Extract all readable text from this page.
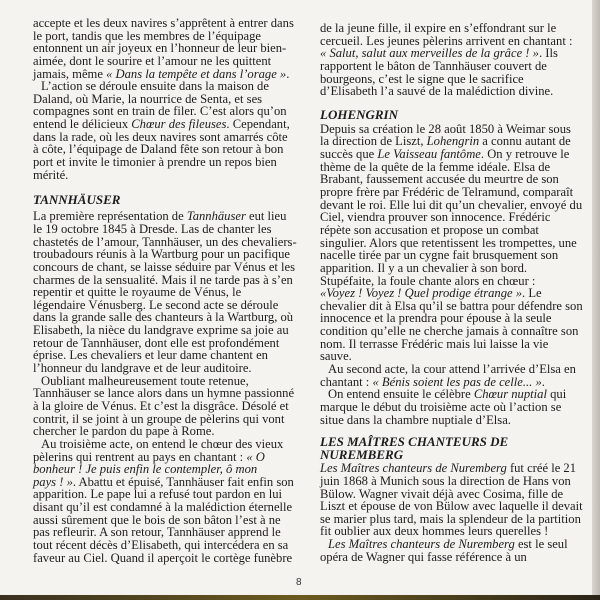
accepte et les deux navires s’apprêtent à entrer dans
le port, tandis que les membres de l’équipage
entonnent un air joyeux en l’honneur de leur bien-
aimée, dont le sourire et l’amour ne les quittent
jamais, même « Dans la tempête et dans l’orage ».
L’action se déroule ensuite dans la maison de
Daland, où Marie, la nourrice de Senta, et ses
compagnes sont en train de filer. C’est alors qu’on
entend le délicieux Chœur des fileuses. Cependant,
dans la rade, où les deux navires sont amarrés côte
à côte, l’équipage de Daland fête son retour à bon
port et invite le timonier à prendre un repos bien
mérité.
TANNHÄUSER
La première représentation de Tannhäuser eut lieu
le 19 octobre 1845 à Dresde. Las de chanter les
chastetés de l’amour, Tannhäuser, un des chevaliers-
troubadours réunis à la Wartburg pour un pacifique
concours de chant, se laisse séduire par Vénus et les
charmes de la sensualité. Mais il ne tarde pas à s’en
repentir et quitte le royaume de Vénus, le
légendaire Vénusberg. Le second acte se déroule
dans la grande salle des chanteurs à la Wartburg, où
Elisabeth, la nièce du landgrave exprime sa joie au
retour de Tannhäuser, dont elle est profondément
éprise. Les chevaliers et leur dame chantent en
l’honneur du landgrave et de leur auditoire.
Oubliant malheureusement toute retenue,
Tannhäuser se lance alors dans un hymne passionné
à la gloire de Vénus. Et c’est la disgrâce. Désolé et
contrit, il se joint à un groupe de pèlerins qui vont
chercher le pardon du pape à Rome.
Au troisième acte, on entend le chœur des vieux
pèlerins qui rentrent au pays en chantant : « O
bonheur ! Je puis enfin le contempler, ô mon
pays ! ». Abattu et épuisé, Tannhäuser fait enfin son
apparition. Le pape lui a refusé tout pardon en lui
disant qu’il est condamné à la malédiction éternelle
aussi sûrement que le bois de son bâton l’est à ne
pas refleurir. A son retour, Tannhäuser apprend le
tout récent décès d’Elisabeth, qui intercédera en sa
faveur au Ciel. Quand il aperçoit le cortège funèbre
de la jeune fille, il expire en s’effondrant sur le
cercueil. Les jeunes pèlerins arrivent en chantant :
« Salut, salut aux merveilles de la grâce ! ». Ils
rapportent le bâton de Tannhäuser couvert de
bourgeons, c’est le signe que le sacrifice
d’Elisabeth l’a sauvé de la malédiction divine.
LOHENGRIN
Depuis sa création le 28 août 1850 à Weimar sous
la direction de Liszt, Lohengrin a connu autant de
succès que Le Vaisseau fantôme. On y retrouve le
thème de la quête de la femme idéale. Elsa de
Brabant, faussement accusée du meurtre de son
propre frère par Frédéric de Telramund, comparaît
devant le roi. Elle lui dit qu’un chevalier, envoyé du
Ciel, viendra prouver son innocence. Frédéric
répète son accusation et propose un combat
singulier. Alors que retentissent les trompettes, une
nacelle tirée par un cygne fait brusquement son
apparition. Il y a un chevalier à son bord.
Stupéfaite, la foule chante alors en chœur :
«Voyez ! Voyez ! Quel prodige étrange ». Le
chevalier dit à Elsa qu’il se battra pour défendre son
innocence et la prendra pour épouse à la seule
condition qu’elle ne cherche jamais à connaître son
nom. Il terrasse Frédéric mais lui laisse la vie
sauve.
Au second acte, la cour attend l’arrivée d’Elsa en
chantant : « Bénis soient les pas de celle... ».
On entend ensuite le célèbre Chœur nuptial qui
marque le début du troisième acte où l’action se
situe dans la chambre nuptiale d’Elsa.
LES MAÎTRES CHANTEURS DE
NUREMBERG
Les Maîtres chanteurs de Nuremberg fut créé le 21
juin 1868 à Munich sous la direction de Hans von
Bülow. Wagner vivait déjà avec Cosima, fille de
Liszt et épouse de von Bülow avec laquelle il devait
se marier plus tard, mais la splendeur de la partition
fit oublier aux deux hommes leurs querelles !
Les Maîtres chanteurs de Nuremberg est le seul
opéra de Wagner qui fasse référence à un
8
